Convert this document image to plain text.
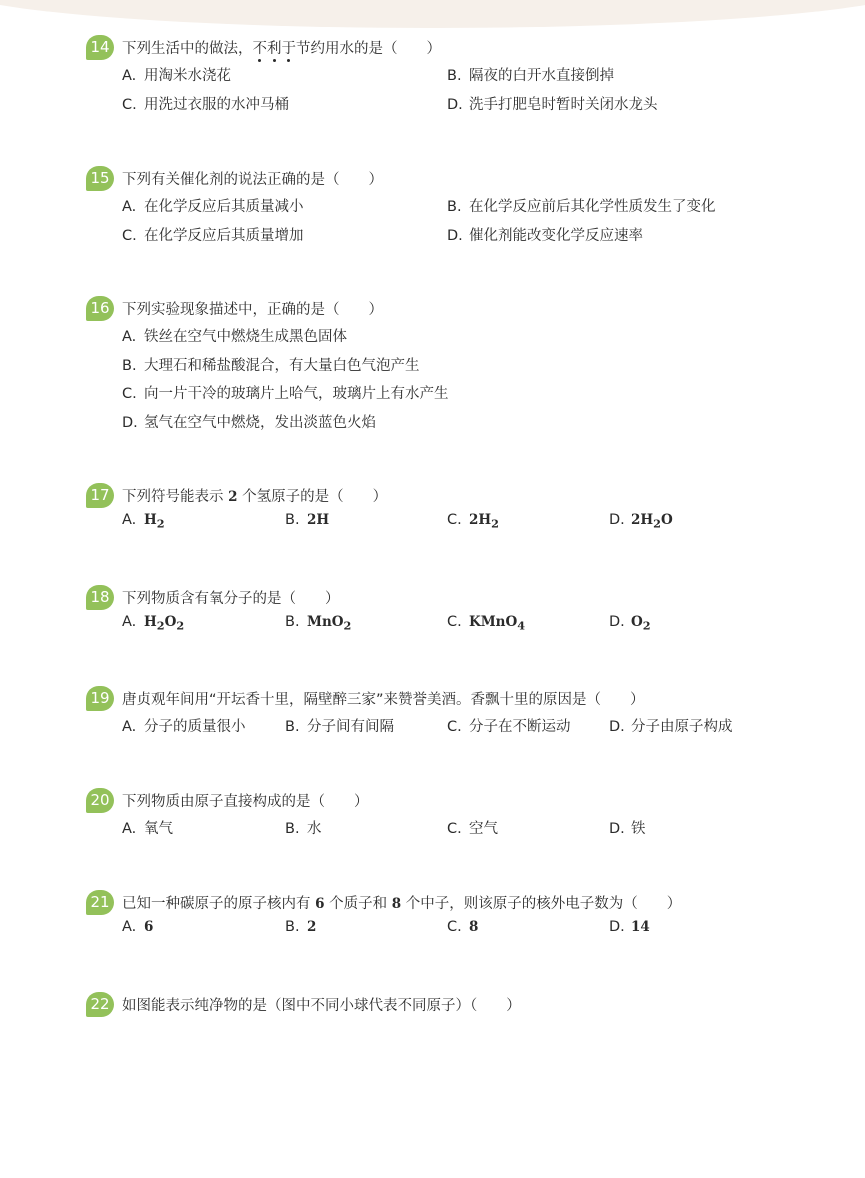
14 下列生活中的做法，不利于节约用水的是（　　）
A. 用淘米水浇花	B. 隔夜的白开水直接倒掉
C. 用洗过衣服的水冲马桶	D. 洗手打肥皂时暂时关闭水龙头
15 下列有关催化剂的说法正确的是（　　）
A. 在化学反应后其质量减小	B. 在化学反应前后其化学性质发生了变化
C. 在化学反应后其质量增加	D. 催化剂能改变化学反应速率
16 下列实验现象描述中，正确的是（　　）
A. 铁丝在空气中燃烧生成黑色固体
B. 大理石和稀盐酸混合，有大量白色气泡产生
C. 向一片干冷的玻璃片上哈气，玻璃片上有水产生
D. 氢气在空气中燃烧，发出淡蓝色火焰
17 下列符号能表示 2 个氢原子的是（　　）
A. $H_2$	B. 2H	C. $2H_2$	D. $2H_2O$
18 下列物质含有氧分子的是（　　）
A. $H_2O_2$	B. MnO$_2$	C. KMnO$_4$	D. $O_2$
19 唐贞观年间用“开坛香十里，隔壁醉三家”来赞誉美酒。香飘十里的原因是（　　）
A. 分子的质量很小	B. 分子间有间隔	C. 分子在不断运动	D. 分子由原子构成
20 下列物质由原子直接构成的是（　　）
A. 氧气	B. 水	C. 空气	D. 铁
21 已知一种碳原子的原子核内有 6 个质子和 8 个中子，则该原子的核外电子数为（　　）
A. 6	B. 2	C. 8	D. 14
22 如图能表示纯净物的是（图中不同小球代表不同原子）（　　）
